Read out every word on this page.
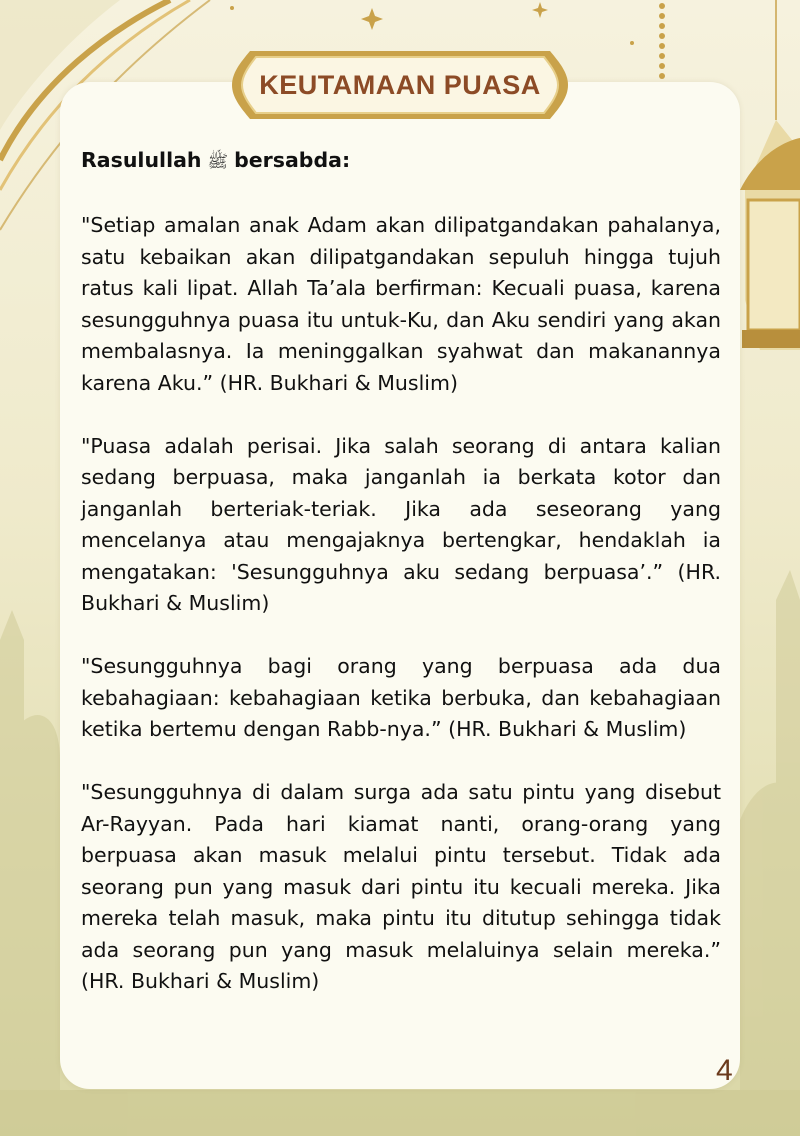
KEUTAMAAN PUASA

Rasulullah ﷺ bersabda:

"Setiap amalan anak Adam akan dilipatgandakan pahalanya, satu kebaikan akan dilipatgandakan sepuluh hingga tujuh ratus kali lipat. Allah Ta’ala berfirman: Kecuali puasa, karena sesungguhnya puasa itu untuk-Ku, dan Aku sendiri yang akan membalasnya. Ia meninggalkan syahwat dan makanannya karena Aku.” (HR. Bukhari & Muslim)

"Puasa adalah perisai. Jika salah seorang di antara kalian sedang berpuasa, maka janganlah ia berkata kotor dan janganlah berteriak-teriak. Jika ada seseorang yang mencelanya atau mengajaknya bertengkar, hendaklah ia mengatakan: 'Sesungguhnya aku sedang berpuasa’.” (HR. Bukhari & Muslim)

"Sesungguhnya bagi orang yang berpuasa ada dua kebahagiaan: kebahagiaan ketika berbuka, dan kebahagiaan ketika bertemu dengan Rabb-nya.” (HR. Bukhari & Muslim)

"Sesungguhnya di dalam surga ada satu pintu yang disebut Ar-Rayyan. Pada hari kiamat nanti, orang-orang yang berpuasa akan masuk melalui pintu tersebut. Tidak ada seorang pun yang masuk dari pintu itu kecuali mereka. Jika mereka telah masuk, maka pintu itu ditutup sehingga tidak ada seorang pun yang masuk melaluinya selain mereka.” (HR. Bukhari & Muslim)

4
